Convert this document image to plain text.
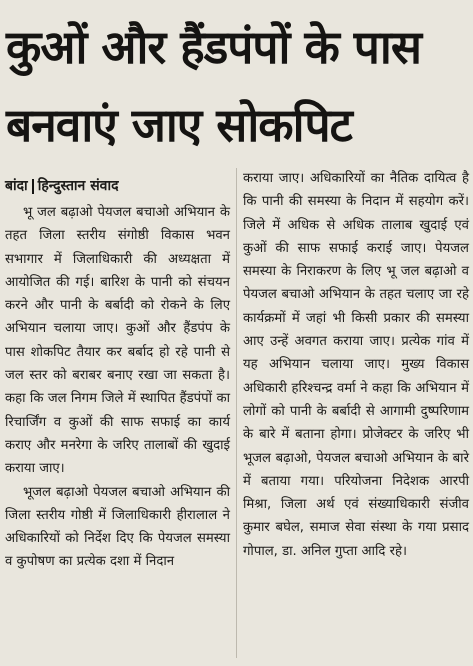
कुओं और हैंडपंपों के पास
बनवाएं जाए सोकपिट
बांदा हिन्दुस्तान संवाद

भू जल बढ़ाओ पेयजल बचाओ अभियान के तहत जिला स्तरीय संगोष्ठी विकास भवन सभागार में जिलाधिकारी की अध्यक्षता में आयोजित की गई। बारिश के पानी को संचयन करने और पानी के बर्बादी को रोकने के लिए अभियान चलाया जाए। कुओं और हैंडपंप के पास शोकपिट तैयार कर बर्बाद हो रहे पानी से जल स्तर को बराबर बनाए रखा जा सकता है। कहा कि जल निगम जिले में स्थापित हैंडपंपों का रिचार्जिंग व कुओं की साफ सफाई का कार्य कराए और मनरेगा के जरिए तालाबों की खुदाई कराया जाए।

भूजल बढ़ाओ पेयजल बचाओ अभियान की जिला स्तरीय गोष्ठी में जिलाधिकारी हीरालाल ने अधिकारियों को निर्देश दिए कि पेयजल समस्या व कुपोषण का प्रत्येक दशा में निदान

कराया जाए। अधिकारियों का नैतिक दायित्व है कि पानी की समस्या के निदान में सहयोग करें। जिले में अधिक से अधिक तालाब खुदाई एवं कुओं की साफ सफाई कराई जाए। पेयजल समस्या के निराकरण के लिए भू जल बढ़ाओ व पेयजल बचाओ अभियान के तहत चलाए जा रहे कार्यक्रमों में जहां भी किसी प्रकार की समस्या आए उन्हें अवगत कराया जाए। प्रत्येक गांव में यह अभियान चलाया जाए। मुख्य विकास अधिकारी हरिश्चन्द्र वर्मा ने कहा कि अभियान में लोगों को पानी के बर्बादी से आगामी दुष्परिणाम के बारे में बताना होगा। प्रोजेक्टर के जरिए भी भूजल बढ़ाओ, पेयजल बचाओ अभियान के बारे में बताया गया। परियोजना निदेशक आरपी मिश्रा, जिला अर्थ एवं संख्याधिकारी संजीव कुमार बघेल, समाज सेवा संस्था के गया प्रसाद गोपाल, डा. अनिल गुप्ता आदि रहे।
